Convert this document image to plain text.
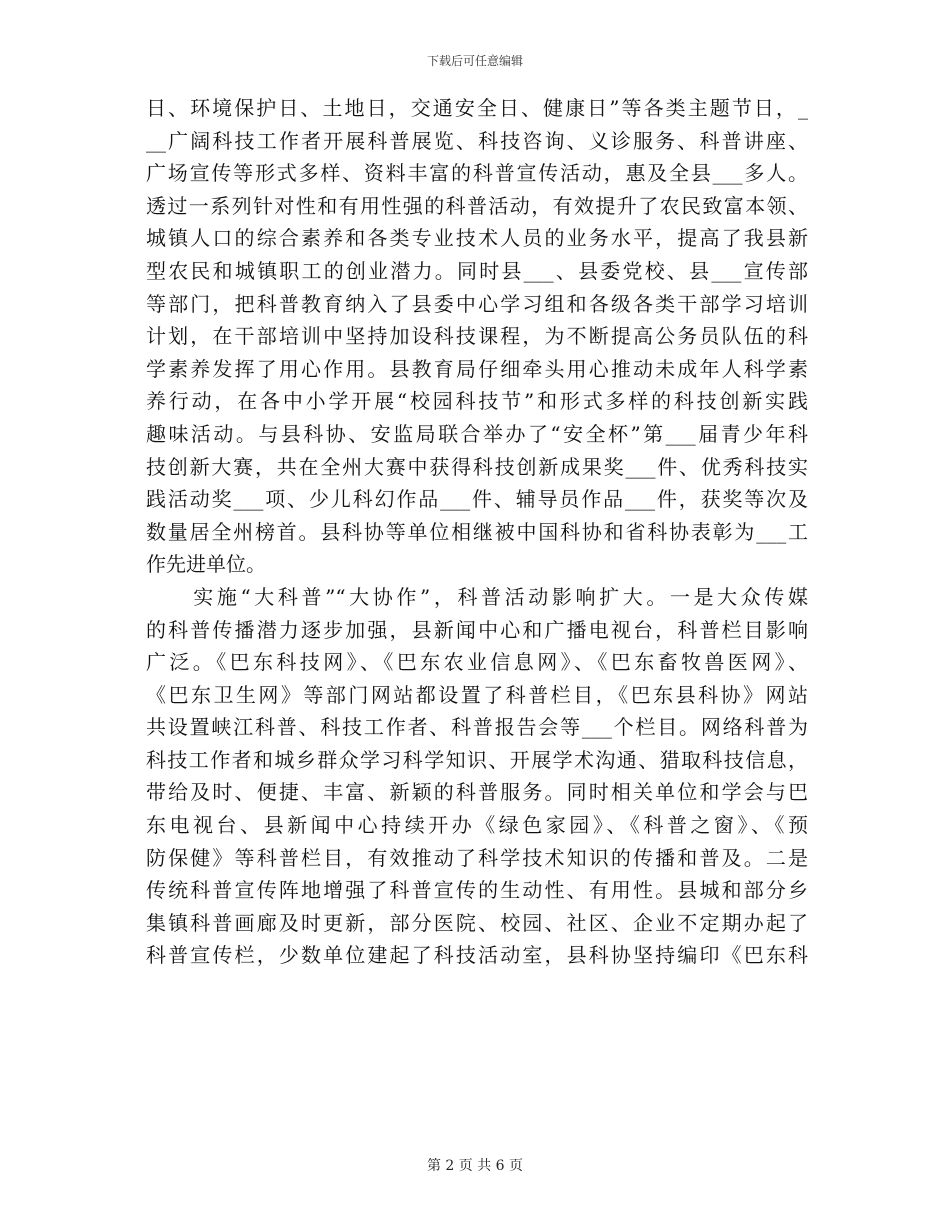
下载后可任意编辑
日、环境保护日、土地日，交通安全日、健康日”等各类主题节日，_
__广阔科技工作者开展科普展览、科技咨询、义诊服务、科普讲座、
广场宣传等形式多样、资料丰富的科普宣传活动，惠及全县___多人。
透过一系列针对性和有用性强的科普活动，有效提升了农民致富本领、
城镇人口的综合素养和各类专业技术人员的业务水平，提高了我县新
型农民和城镇职工的创业潜力。同时县___、县委党校、县___宣传部
等部门，把科普教育纳入了县委中心学习组和各级各类干部学习培训
计划，在干部培训中坚持加设科技课程，为不断提高公务员队伍的科
学素养发挥了用心作用。县教育局仔细牵头用心推动未成年人科学素
养行动，在各中小学开展“校园科技节”和形式多样的科技创新实践
趣味活动。与县科协、安监局联合举办了“安全杯”第___届青少年科
技创新大赛，共在全州大赛中获得科技创新成果奖___件、优秀科技实
践活动奖___项、少儿科幻作品___件、辅导员作品___件，获奖等次及
数量居全州榜首。县科协等单位相继被中国科协和省科协表彰为___工
作先进单位。
　　实施“大科普”“大协作”，科普活动影响扩大。一是大众传媒
的科普传播潜力逐步加强，县新闻中心和广播电视台，科普栏目影响
广泛。《巴东科技网》、《巴东农业信息网》、《巴东畜牧兽医网》、
《巴东卫生网》等部门网站都设置了科普栏目，《巴东县科协》网站
共设置峡江科普、科技工作者、科普报告会等___个栏目。网络科普为
科技工作者和城乡群众学习科学知识、开展学术沟通、猎取科技信息，
带给及时、便捷、丰富、新颖的科普服务。同时相关单位和学会与巴
东电视台、县新闻中心持续开办《绿色家园》、《科普之窗》、《预
防保健》等科普栏目，有效推动了科学技术知识的传播和普及。二是
传统科普宣传阵地增强了科普宣传的生动性、有用性。县城和部分乡
集镇科普画廊及时更新，部分医院、校园、社区、企业不定期办起了
科普宣传栏，少数单位建起了科技活动室，县科协坚持编印《巴东科
第 2 页 共 6 页
